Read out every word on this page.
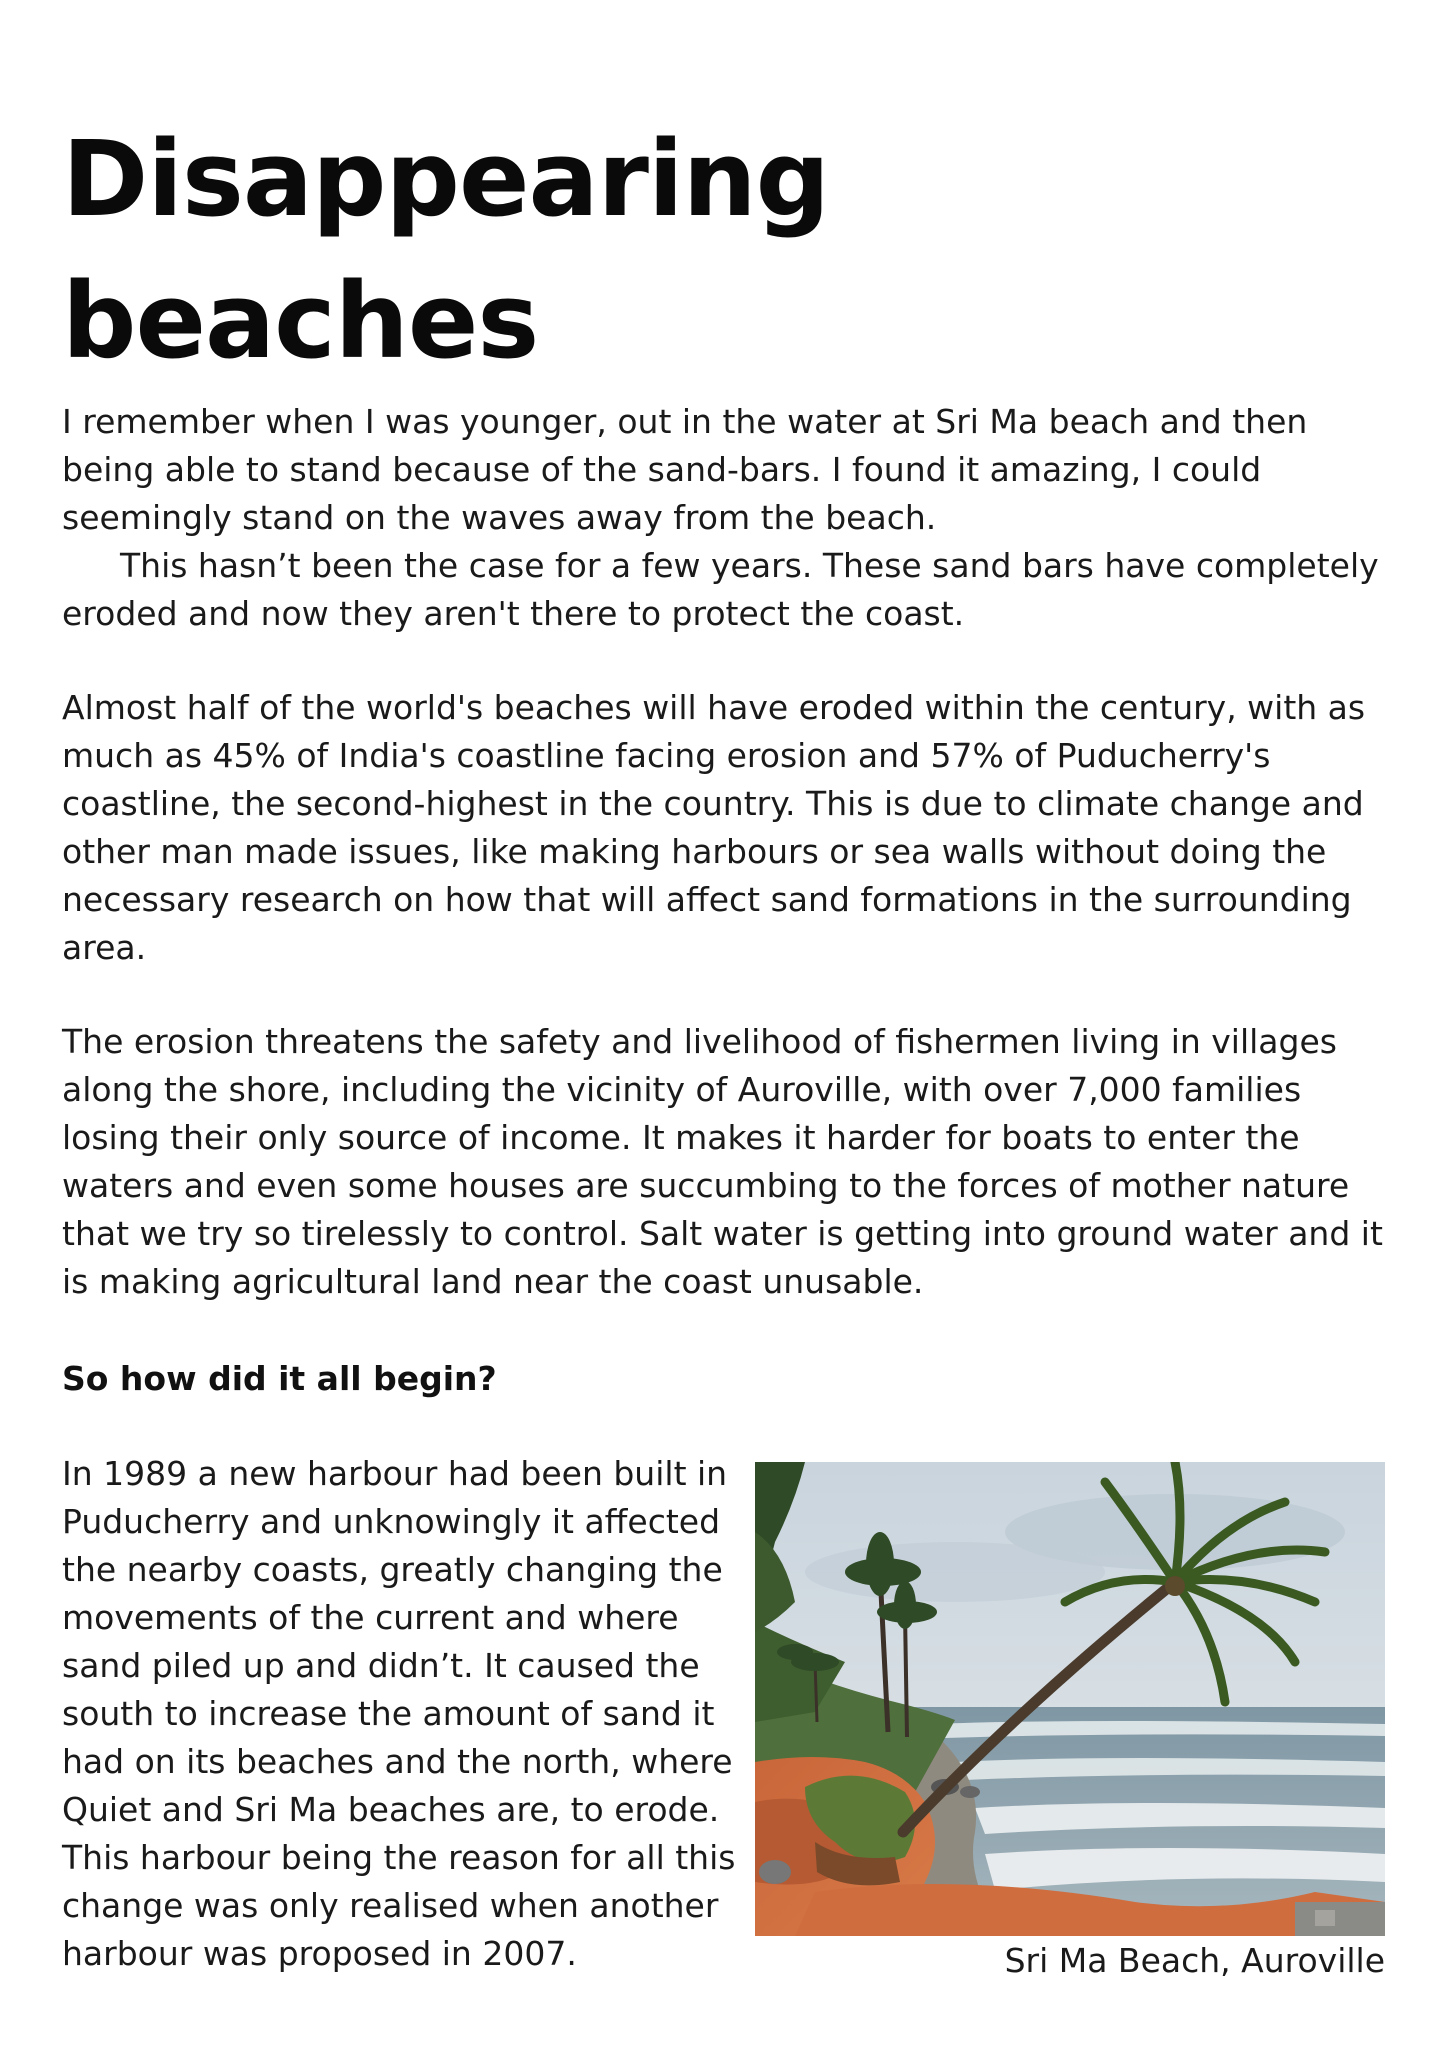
Disappearing
beaches
I remember when I was younger, out in the water at Sri Ma beach and then
being able to stand because of the sand-bars. I found it amazing, I could
seemingly stand on the waves away from the beach.
This hasn’t been the case for a few years. These sand bars have completely
eroded and now they aren't there to protect the coast.
Almost half of the world's beaches will have eroded within the century, with as
much as 45% of India's coastline facing erosion and 57% of Puducherry's
coastline, the second-highest in the country. This is due to climate change and
other man made issues, like making harbours or sea walls without doing the
necessary research on how that will affect sand formations in the surrounding
area.
The erosion threatens the safety and livelihood of fishermen living in villages
along the shore, including the vicinity of Auroville, with over 7,000 families
losing their only source of income. It makes it harder for boats to enter the
waters and even some houses are succumbing to the forces of mother nature
that we try so tirelessly to control. Salt water is getting into ground water and it
is making agricultural land near the coast unusable.
So how did it all begin?
In 1989 a new harbour had been built in
Puducherry and unknowingly it affected
the nearby coasts, greatly changing the
movements of the current and where
sand piled up and didn’t. It caused the
south to increase the amount of sand it
had on its beaches and the north, where
Quiet and Sri Ma beaches are, to erode.
This harbour being the reason for all this
change was only realised when another
harbour was proposed in 2007.	Sri Ma Beach, Auroville
